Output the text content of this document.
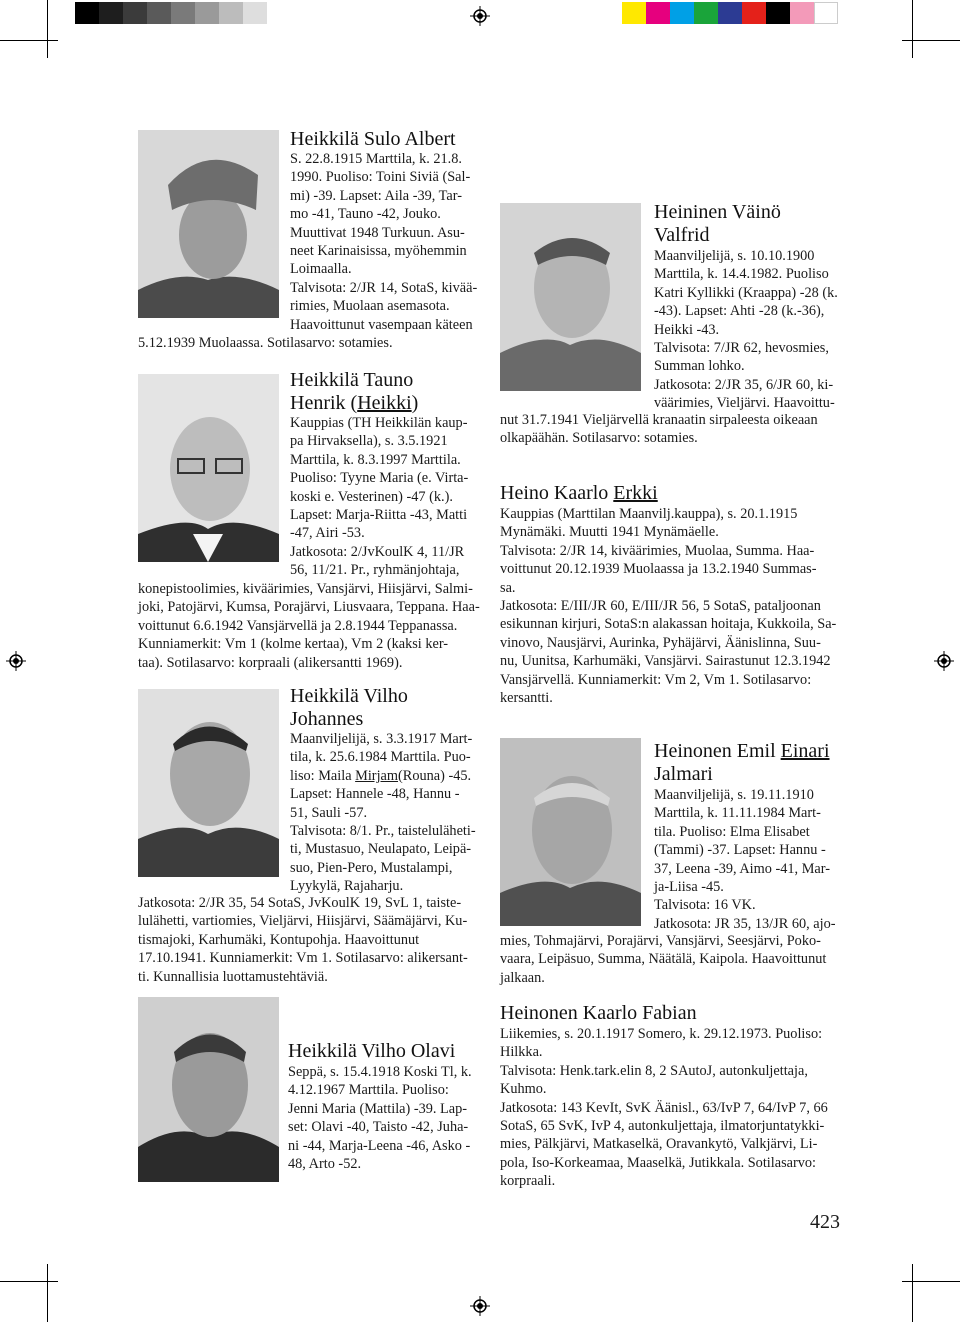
Heikkilä Sulo Albert
S. 22.8.1915 Marttila, k. 21.8.
1990. Puoliso: Toini Siviä (Sal-
mi) -39. Lapset: Aila -39, Tar-
mo -41, Tauno -42, Jouko.
Muuttivat 1948 Turkuun. Asu-
neet Karinaisissa, myöhemmin
Loimaalla.
Talvisota: 2/JR 14, SotaS, kivää-
rimies, Muolaan asemasota.
Haavoittunut vasempaan käteen
5.12.1939 Muolaassa. Sotilasarvo: sotamies.
Heikkilä Tauno
Henrik (Heikki)
Kauppias (TH Heikkilän kaup-
pa Hirvaksella), s. 3.5.1921
Marttila, k. 8.3.1997 Marttila.
Puoliso: Tyyne Maria (e. Virta-
koski e. Vesterinen) -47 (k.).
Lapset: Marja-Riitta -43, Matti
-47, Airi -53.
Jatkosota: 2/JvKoulK 4, 11/JR
56, 11/21. Pr., ryhmänjohtaja,
konepistoolimies, kiväärimies, Vansjärvi, Hiisjärvi, Salmi-
joki, Patojärvi, Kumsa, Porajärvi, Liusvaara, Teppana. Haa-
voittunut 6.6.1942 Vansjärvellä ja 2.8.1944 Teppanassa.
Kunniamerkit: Vm 1 (kolme kertaa), Vm 2 (kaksi ker-
taa). Sotilasarvo: korpraali (alikersantti 1969).
Heikkilä Vilho
Johannes
Maanviljelijä, s. 3.3.1917 Mart-
tila, k. 25.6.1984 Marttila. Puo-
liso: Maila Mirjam(Rouna) -45.
Lapset: Hannele -48, Hannu -
51, Sauli -57.
Talvisota: 8/1. Pr., taisteluläheti-
ti, Mustasuo, Neulapato, Leipä-
suo, Pien-Pero, Mustalampi,
Lyykylä, Rajaharju.
Jatkosota: 2/JR 35, 54 SotaS, JvKoulK 19, SvL 1, taiste-
lulähetti, vartiomies, Vieljärvi, Hiisjärvi, Säämäjärvi, Ku-
tismajoki, Karhumäki, Kontupohja. Haavoittunut
17.10.1941. Kunniamerkit: Vm 1. Sotilasarvo: alikersant-
ti. Kunnallisia luottamustehtäviä.
Heikkilä Vilho Olavi
Seppä, s. 15.4.1918 Koski Tl, k.
4.12.1967 Marttila. Puoliso:
Jenni Maria (Mattila) -39. Lap-
set: Olavi -40, Taisto -42, Juha-
ni -44, Marja-Leena -46, Asko -
48, Arto -52.
Heininen Väinö
Valfrid
Maanviljelijä, s. 10.10.1900
Marttila, k. 14.4.1982. Puoliso
Katri Kyllikki (Kraappa) -28 (k.
-43). Lapset: Ahti -28 (k.-36),
Heikki -43.
Talvisota: 7/JR 62, hevosmies,
Summan lohko.
Jatkosota: 2/JR 35, 6/JR 60, ki-
väärimies, Vieljärvi. Haavoittu-
nut 31.7.1941 Vieljärvellä kranaatin sirpaleesta oikeaan
olkapäähän. Sotilasarvo: sotamies.
Heino Kaarlo Erkki
Kauppias (Marttilan Maanvilj.kauppa), s. 20.1.1915
Mynämäki. Muutti 1941 Mynämäelle.
Talvisota: 2/JR 14, kiväärimies, Muolaa, Summa. Haa-
voittunut 20.12.1939 Muolaassa ja 13.2.1940 Summas-
sa.
Jatkosota: E/III/JR 60, E/III/JR 56, 5 SotaS, pataljoonan
esikunnan kirjuri, SotaS:n alakassan hoitaja, Kukkoila, Sa-
vinovo, Nausjärvi, Aurinka, Pyhäjärvi, Äänislinna, Suu-
nu, Uunitsa, Karhumäki, Vansjärvi. Sairastunut 12.3.1942
Vansjärvellä. Kunniamerkit: Vm 2, Vm 1. Sotilasarvo:
kersantti.
Heinonen Emil Einari
Jalmari
Maanviljelijä, s. 19.11.1910
Marttila, k. 11.11.1984 Mart-
tila. Puoliso: Elma Elisabet
(Tammi) -37. Lapset: Hannu -
37, Leena -39, Aimo -41, Mar-
ja-Liisa -45.
Talvisota: 16 VK.
Jatkosota: JR 35, 13/JR 60, ajo-
mies, Tohmajärvi, Porajärvi, Vansjärvi, Seesjärvi, Poko-
vaara, Leipäsuo, Summa, Näätälä, Kaipola. Haavoittunut
jalkaan.
Heinonen Kaarlo Fabian
Liikemies, s. 20.1.1917 Somero, k. 29.12.1973. Puoliso:
Hilkka.
Talvisota: Henk.tark.elin 8, 2 SAutoJ, autonkuljettaja,
Kuhmo.
Jatkosota: 143 KevIt, SvK Äänisl., 63/IvP 7, 64/IvP 7, 66
SotaS, 65 SvK, IvP 4, autonkuljettaja, ilmatorjuntatykki-
mies, Pälkjärvi, Matkaselkä, Oravankytö, Valkjärvi, Li-
pola, Iso-Korkeamaa, Maaselkä, Jutikkala. Sotilasarvo:
korpraali.
423
